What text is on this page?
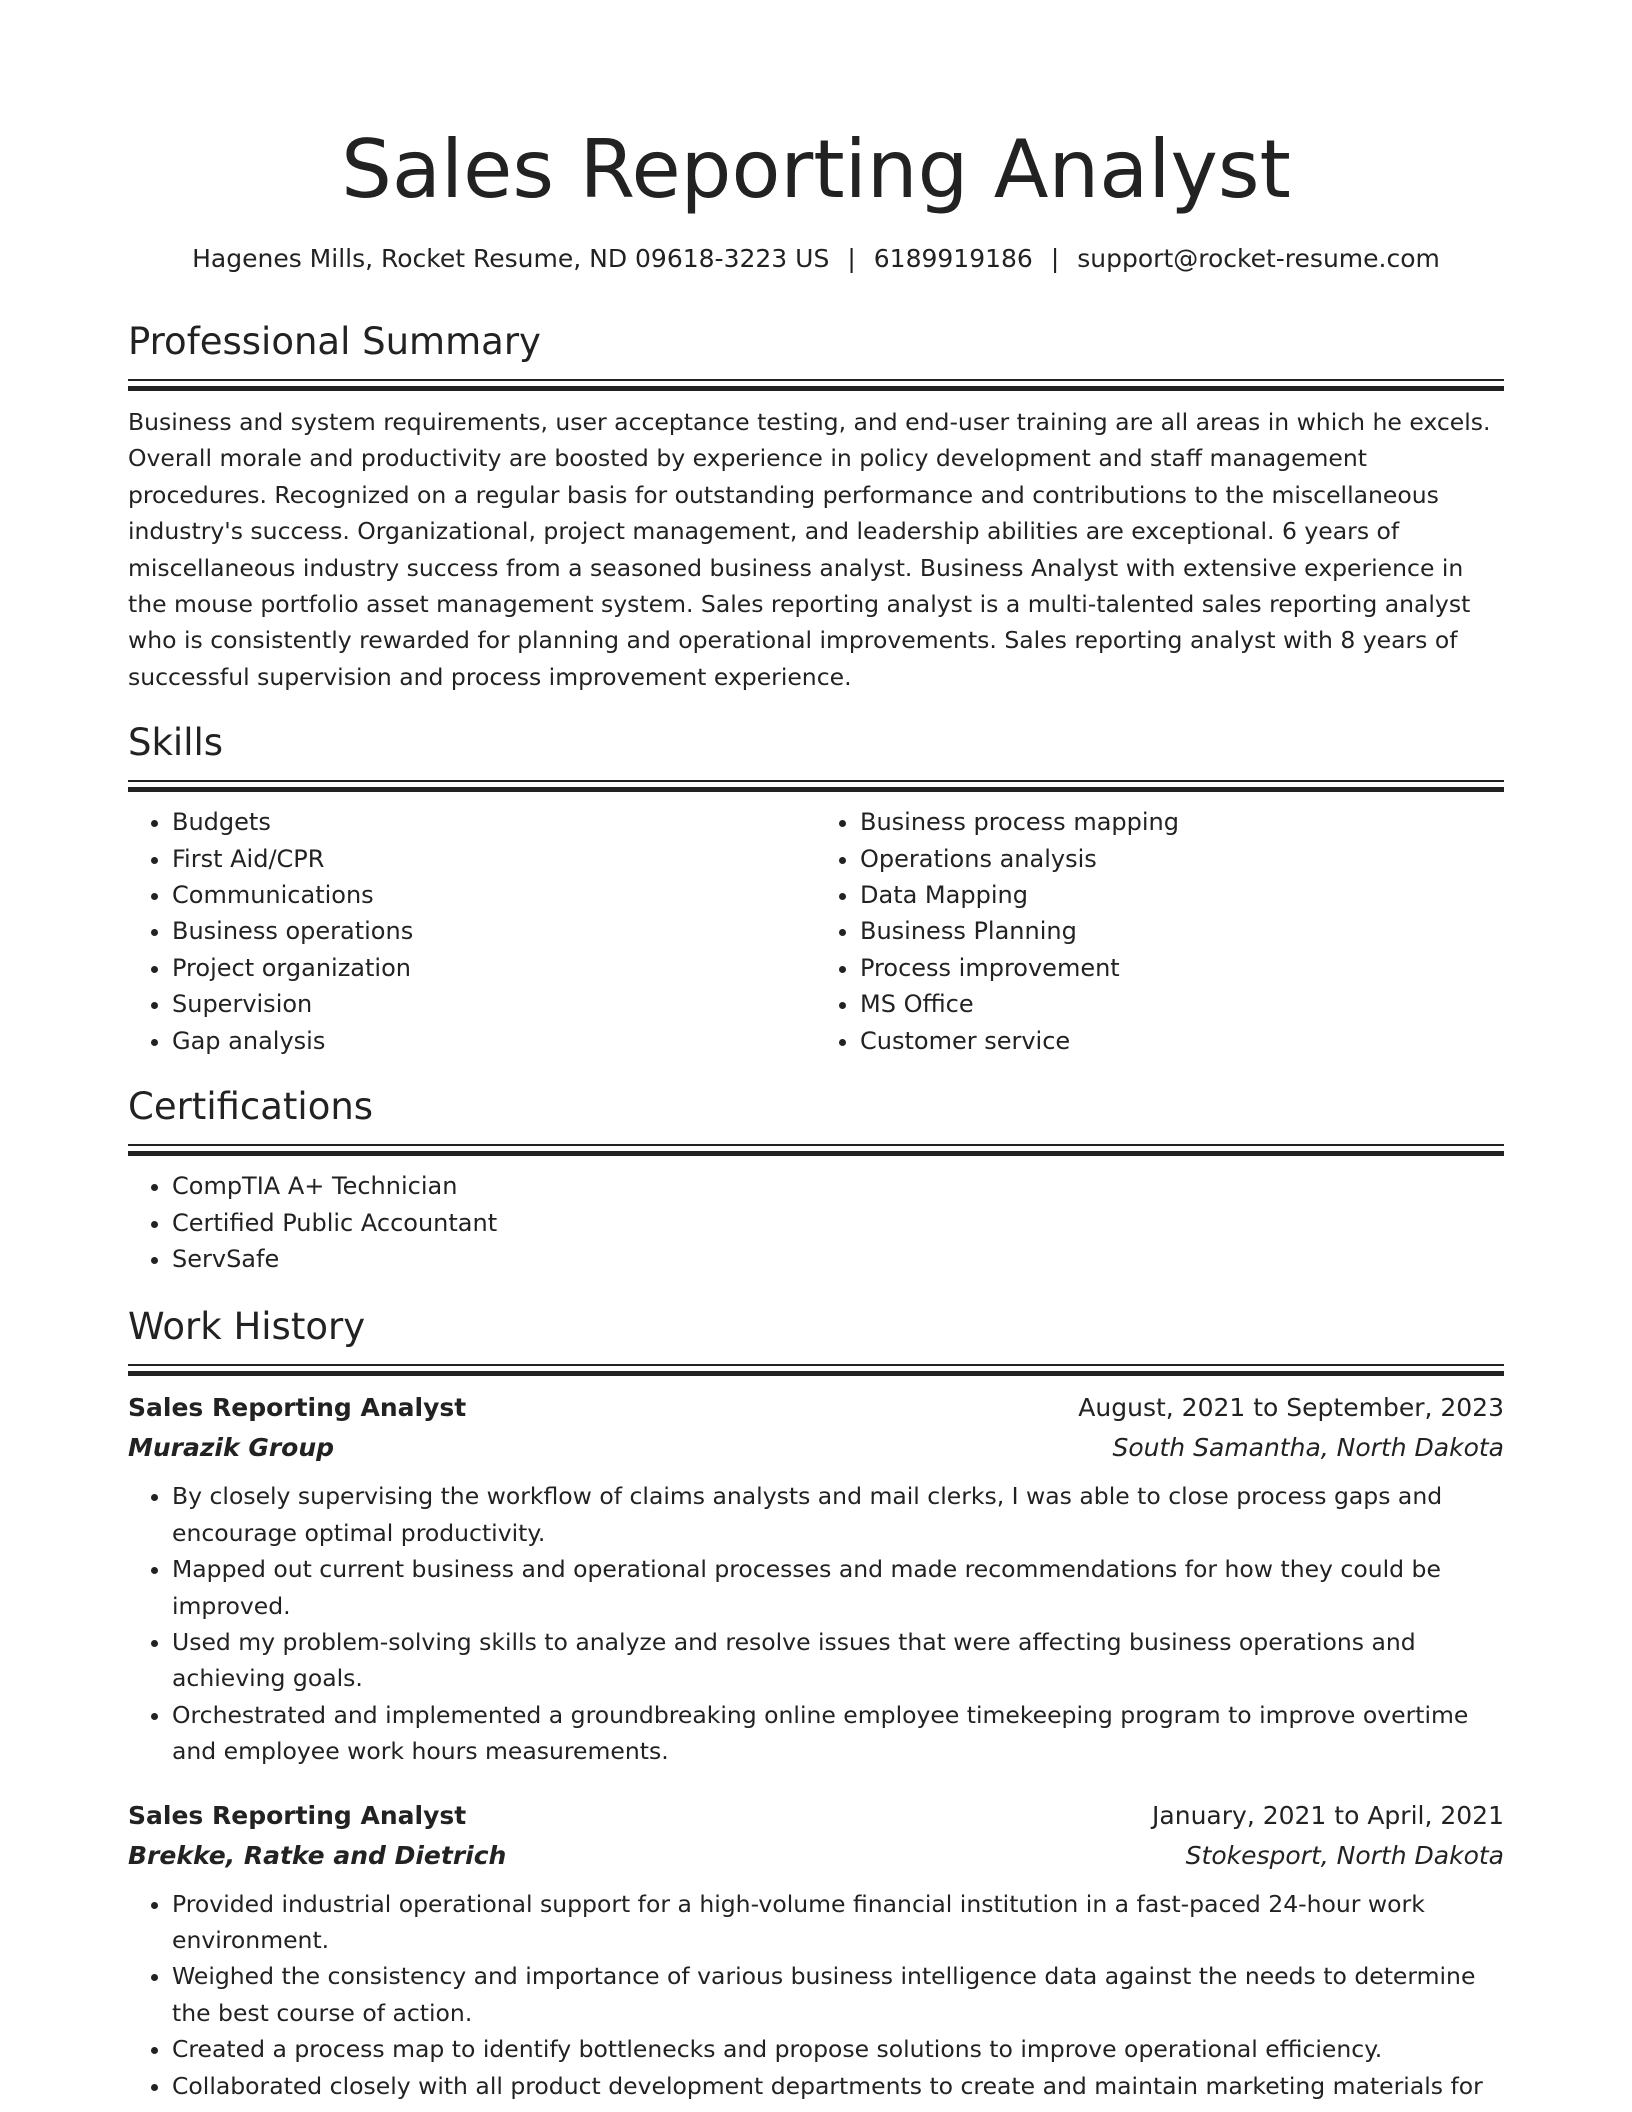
Sales Reporting Analyst
Hagenes Mills, Rocket Resume, ND 09618-3223 US | 6189919186 | support@rocket-resume.com
Professional Summary

Business and system requirements, user acceptance testing, and end-user training are all areas in which he excels. Overall morale and productivity are boosted by experience in policy development and staff management procedures. Recognized on a regular basis for outstanding performance and contributions to the miscellaneous industry's success. Organizational, project management, and leadership abilities are exceptional. 6 years of miscellaneous industry success from a seasoned business analyst. Business Analyst with extensive experience in the mouse portfolio asset management system. Sales reporting analyst is a multi-talented sales reporting analyst who is consistently rewarded for planning and operational improvements. Sales reporting analyst with 8 years of successful supervision and process improvement experience.

Skills
• Budgets
• First Aid/CPR
• Communications
• Business operations
• Project organization
• Supervision
• Gap analysis
• Business process mapping
• Operations analysis
• Data Mapping
• Business Planning
• Process improvement
• MS Office
• Customer service
Certifications
• CompTIA A+ Technician
• Certified Public Accountant
• ServSafe
Work History
Sales Reporting Analyst	August, 2021 to September, 2023
Murazik Group	South Samantha, North Dakota
• By closely supervising the workflow of claims analysts and mail clerks, I was able to close process gaps and encourage optimal productivity.
• Mapped out current business and operational processes and made recommendations for how they could be improved.
• Used my problem-solving skills to analyze and resolve issues that were affecting business operations and achieving goals.
• Orchestrated and implemented a groundbreaking online employee timekeeping program to improve overtime and employee work hours measurements.
Sales Reporting Analyst	January, 2021 to April, 2021
Brekke, Ratke and Dietrich	Stokesport, North Dakota
• Provided industrial operational support for a high-volume financial institution in a fast-paced 24-hour work environment.
• Weighed the consistency and importance of various business intelligence data against the needs to determine the best course of action.
• Created a process map to identify bottlenecks and propose solutions to improve operational efficiency.
• Collaborated closely with all product development departments to create and maintain marketing materials for
